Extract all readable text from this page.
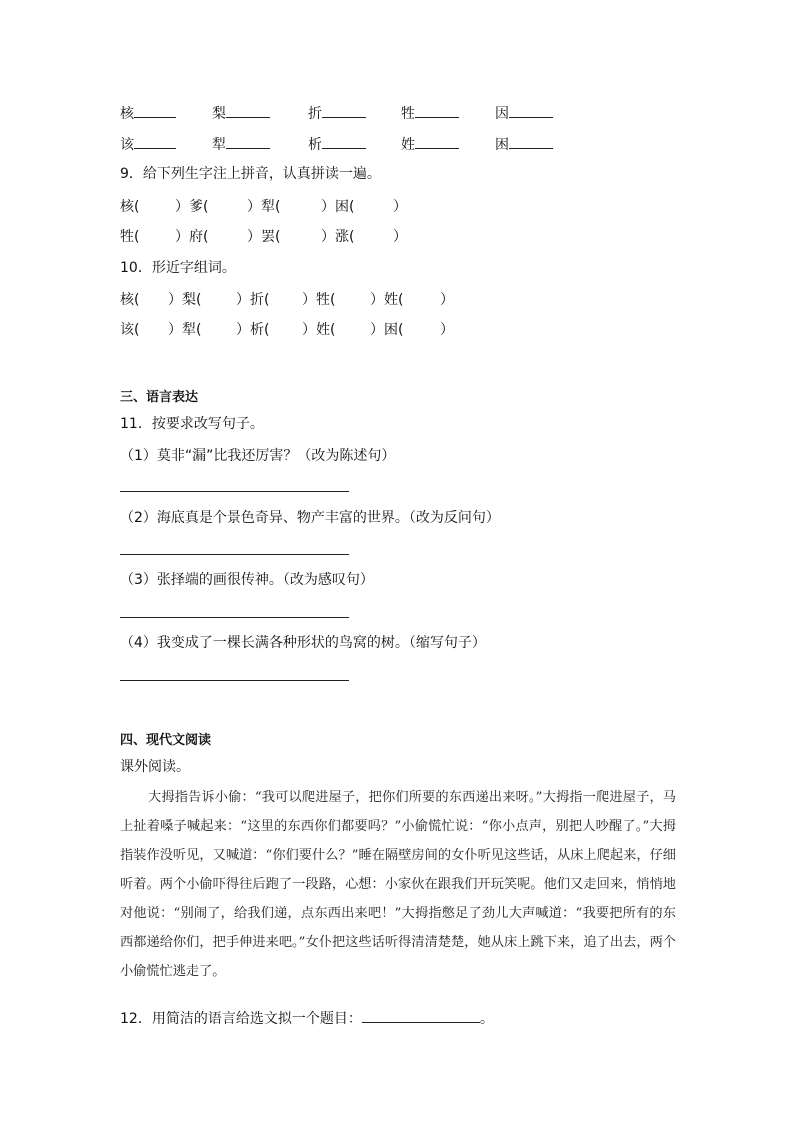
核	梨	折	牲	因
该	犁	析	姓	困
9．给下列生字注上拼音，认真拼读一遍。
核(	）爹(	）犁(	）困(	）
牲(	）府(	）罢(	）涨(	）
10．形近字组词。
核( ）梨( ）折( ）牲( ）姓(	）
该( ）犁( ）析( ）姓( ）困(	）
三、语言表达
11．按要求改写句子。
（1）莫非“漏”比我还厉害？（改为陈述句）
（2）海底真是个景色奇异、物产丰富的世界。（改为反问句）
（3）张择端的画很传神。（改为感叹句）
（4）我变成了一棵长满各种形状的鸟窝的树。（缩写句子）
四、现代文阅读
课外阅读。
大拇指告诉小偷：“我可以爬进屋子，把你们所要的东西递出来呀。”大拇指一爬进屋子，马上扯着嗓子喊起来：“这里的东西你们都要吗？”小偷慌忙说：“你小点声，别把人吵醒了。”大拇指装作没听见，又喊道：“你们要什么？”睡在隔壁房间的女仆听见这些话，从床上爬起来，仔细听着。两个小偷吓得往后跑了一段路，心想：小家伙在跟我们开玩笑呢。他们又走回来，悄悄地对他说：“别闹了，给我们递，点东西出来吧！”大拇指憋足了劲儿大声喊道：“我要把所有的东西都递给你们，把手伸进来吧。”女仆把这些话听得清清楚楚，她从床上跳下来，追了出去，两个小偷慌忙逃走了。
12．用简洁的语言给选文拟一个题目：	。
